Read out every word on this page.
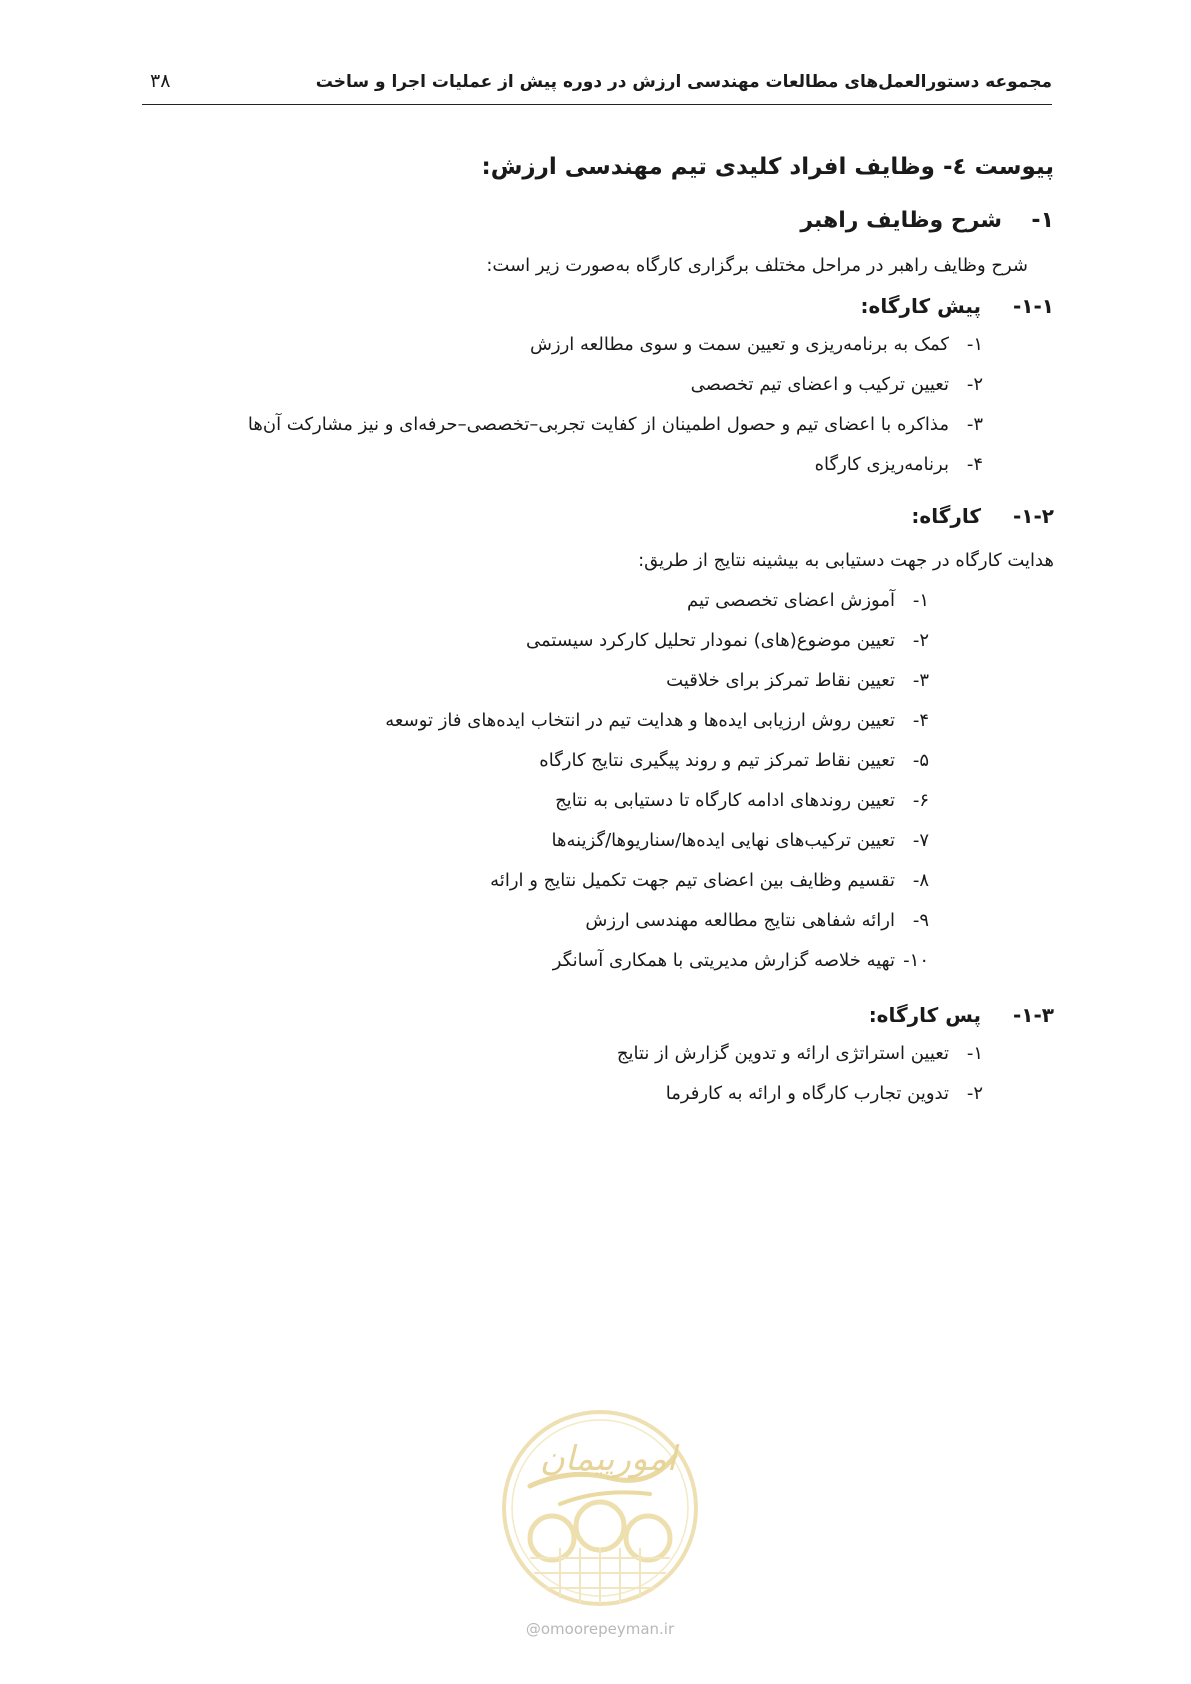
مجموعه دستورالعمل‌های مطالعات مهندسی ارزش در دوره پیش از عملیات اجرا و ساخت
۳۸
پیوست ٤- وظایف افراد کلیدی تیم مهندسی ارزش:
۱-  شرح وظایف راهبر
شرح وظایف راهبر در مراحل مختلف برگزاری کارگاه به‌صورت زیر است:
۱-۱-  پیش کارگاه:
۱-کمک به برنامه‌ریزی و تعیین سمت و سوی مطالعه ارزش
۲-تعیین ترکیب و اعضای تیم تخصصی
۳-مذاکره با اعضای تیم و حصول اطمینان از کفایت تجربی–تخصصی–حرفه‌ای و نیز مشارکت آن‌ها
۴-برنامه‌ریزی کارگاه
۱-۲-  کارگاه:
هدایت کارگاه در جهت دستیابی به بیشینه نتایج از طریق:
۱-آموزش اعضای تخصصی تیم
۲-تعیین موضوع(های) نمودار تحلیل کارکرد سیستمی
۳-تعیین نقاط تمرکز برای خلاقیت
۴-تعیین روش ارزیابی ایده‌ها و هدایت تیم در انتخاب ایده‌های فاز توسعه
۵-تعیین نقاط تمرکز تیم و روند پیگیری نتایج کارگاه
۶-تعیین روندهای ادامه کارگاه تا دستیابی به نتایج
۷-تعیین ترکیب‌های نهایی ایده‌ها/سناریوها/گزینه‌ها
۸-تقسیم وظایف بین اعضای تیم جهت تکمیل نتایج و ارائه
۹-ارائه شفاهی نتایج مطالعه مهندسی ارزش
۱۰-تهیه خلاصه گزارش مدیریتی با همکاری آسانگر
۱-۳-  پس کارگاه:
۱-تعیین استراتژی ارائه و تدوین گزارش از نتایج
۲-تدوین تجارب کارگاه و ارائه به کارفرما
امورپیمان
@omoorepeyman.ir
